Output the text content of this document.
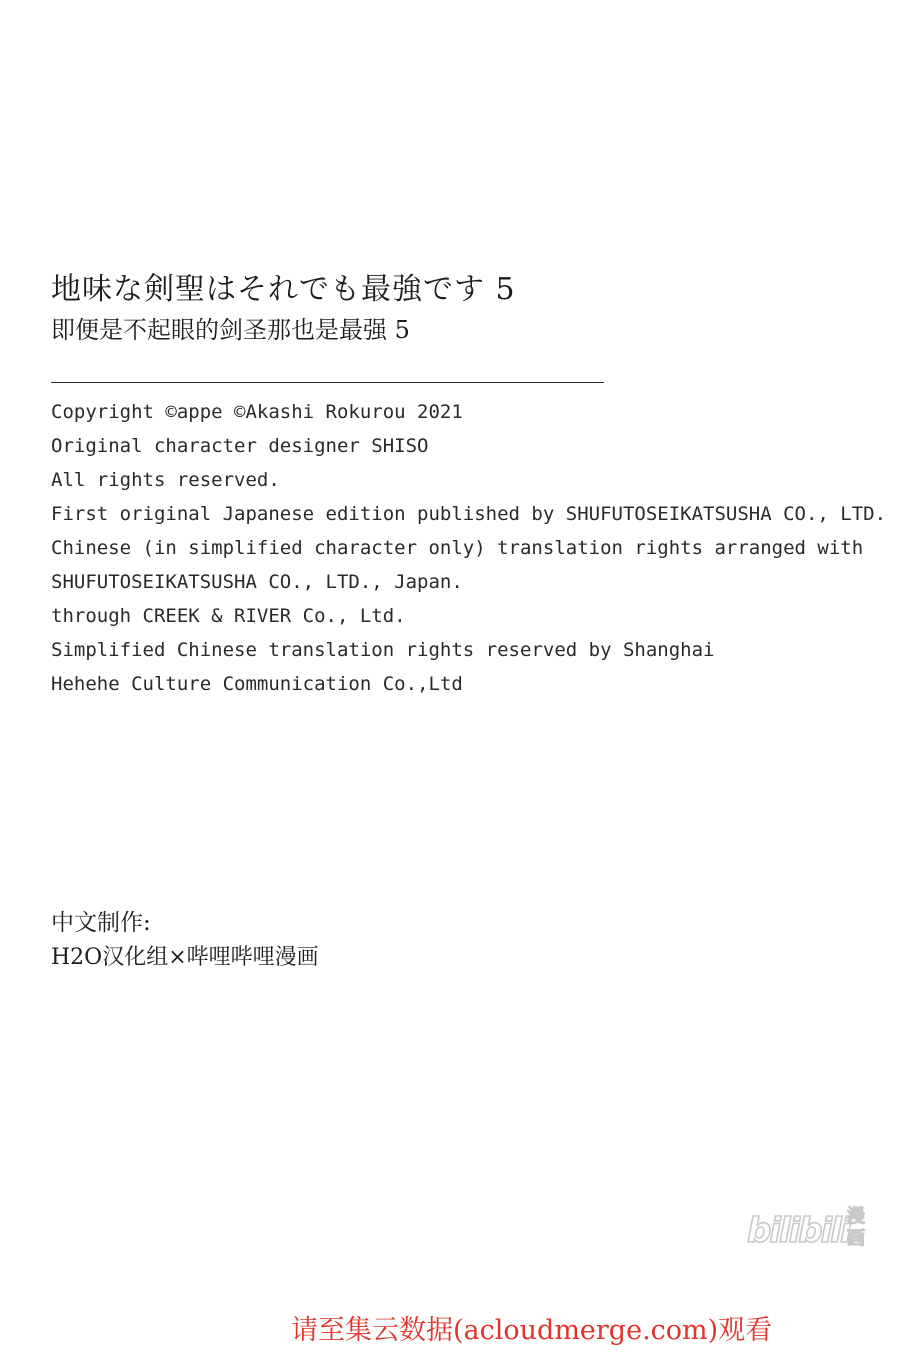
地味な剣聖はそれでも最強です 5
即便是不起眼的剑圣那也是最强 5
Copyright ©appe ©Akashi Rokurou 2021
Original character designer SHISO
All rights reserved.
First original Japanese edition published by SHUFUTOSEIKATSUSHA CO., LTD.
Chinese (in simplified character only) translation rights arranged with
SHUFUTOSEIKATSUSHA CO., LTD., Japan.
through CREEK & RIVER Co., Ltd.
Simplified Chinese translation rights reserved by Shanghai
Hehehe Culture Communication Co.,Ltd
中文制作:
H2O汉化组×哔哩哔哩漫画
bilibili
漫
画
请至集云数据(acloudmerge.com)观看
